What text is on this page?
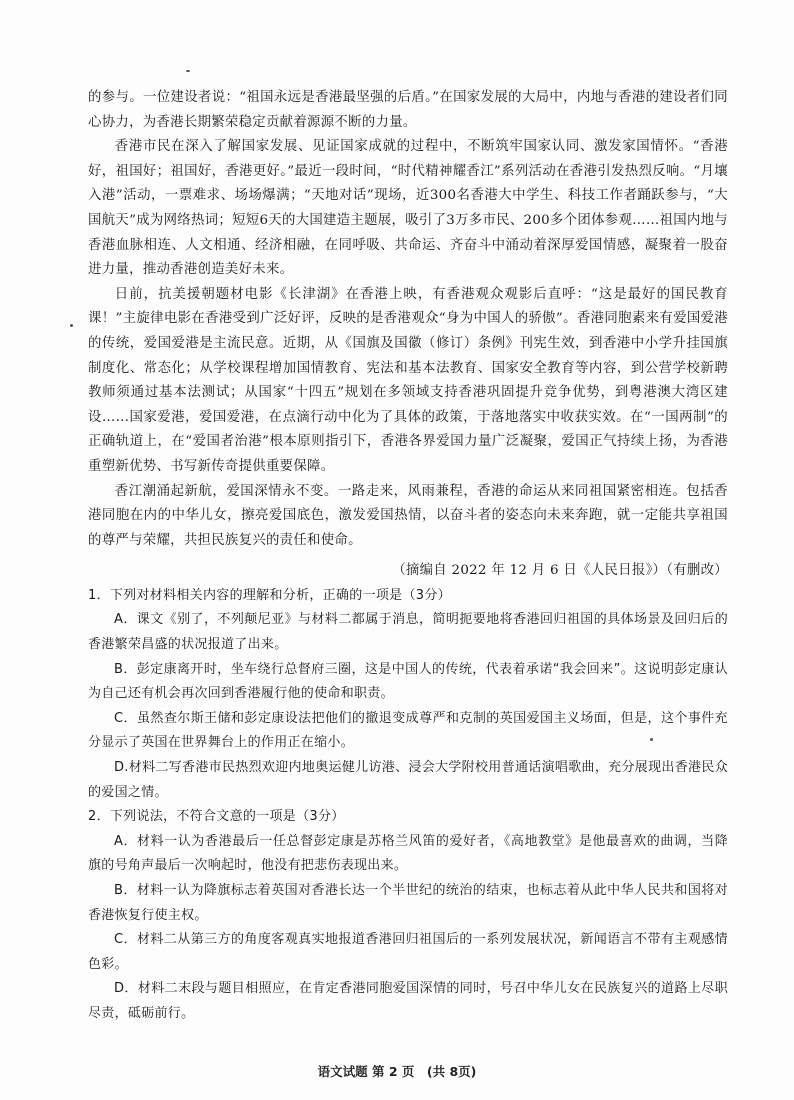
的参与。一位建设者说：“祖国永远是香港最坚强的后盾。”在国家发展的大局中，内地与香港的建设者们同心协力，为香港长期繁荣稳定贡献着源源不断的力量。

香港市民在深入了解国家发展、见证国家成就的过程中，不断筑牢国家认同、激发家国情怀。“香港好，祖国好；祖国好，香港更好。”最近一段时间，“时代精神耀香江”系列活动在香港引发热烈反响。“月壤入港”活动，一票难求、场场爆满；“天地对话”现场，近300名香港大中学生、科技工作者踊跃参与，“大国航天”成为网络热词；短短6天的大国建造主题展，吸引了3万多市民、200多个团体参观……祖国内地与香港血脉相连、人文相通、经济相融，在同呼吸、共命运、齐奋斗中涌动着深厚爱国情感，凝聚着一股奋进力量，推动香港创造美好未来。

日前，抗美援朝题材电影《长津湖》在香港上映，有香港观众观影后直呼：“这是最好的国民教育课！”主旋律电影在香港受到广泛好评，反映的是香港观众“身为中国人的骄傲”。香港同胞素来有爱国爱港的传统，爱国爱港是主流民意。近期，从《国旗及国徽（修订）条例》刊宪生效，到香港中小学升挂国旗制度化、常态化；从学校课程增加国情教育、宪法和基本法教育、国家安全教育等内容，到公营学校新聘教师须通过基本法测试；从国家“十四五”规划在多领域支持香港巩固提升竞争优势，到粤港澳大湾区建设……国家爱港，爱国爱港，在点滴行动中化为了具体的政策，于落地落实中收获实效。在“一国两制”的正确轨道上，在“爱国者治港”根本原则指引下，香港各界爱国力量广泛凝聚，爱国正气持续上扬，为香港重塑新优势、书写新传奇提供重要保障。

香江潮涌起新航，爱国深情永不变。一路走来，风雨兼程，香港的命运从来同祖国紧密相连。包括香港同胞在内的中华儿女，擦亮爱国底色，激发爱国热情，以奋斗者的姿态向未来奔跑，就一定能共享祖国的尊严与荣耀，共担民族复兴的责任和使命。

（摘编自 2022 年 12 月 6 日《人民日报》）（有删改）

1．下列对材料相关内容的理解和分析，正确的一项是（3分）

A．课文《别了，不列颠尼亚》与材料二都属于消息，简明扼要地将香港回归祖国的具体场景及回归后的香港繁荣昌盛的状况报道了出来。

B．彭定康离开时，坐车绕行总督府三圈，这是中国人的传统，代表着承诺“我会回来”。这说明彭定康认为自己还有机会再次回到香港履行他的使命和职责。

C．虽然查尔斯王储和彭定康设法把他们的撤退变成尊严和克制的英国爱国主义场面，但是，这个事件充分显示了英国在世界舞台上的作用正在缩小。

D.材料二写香港市民热烈欢迎内地奥运健儿访港、浸会大学附校用普通话演唱歌曲，充分展现出香港民众的爱国之情。

2．下列说法，不符合文意的一项是（3分）

A．材料一认为香港最后一任总督彭定康是苏格兰风笛的爱好者，《高地教堂》是他最喜欢的曲调，当降旗的号角声最后一次响起时，他没有把悲伤表现出来。

B．材料一认为降旗标志着英国对香港长达一个半世纪的统治的结束，也标志着从此中华人民共和国将对香港恢复行使主权。

C．材料二从第三方的角度客观真实地报道香港回归祖国后的一系列发展状况，新闻语言不带有主观感情色彩。

D．材料二末段与题目相照应，在肯定香港同胞爱国深情的同时，号召中华儿女在民族复兴的道路上尽职尽责，砥砺前行。

语文试题 第 2 页　(共 8页)
